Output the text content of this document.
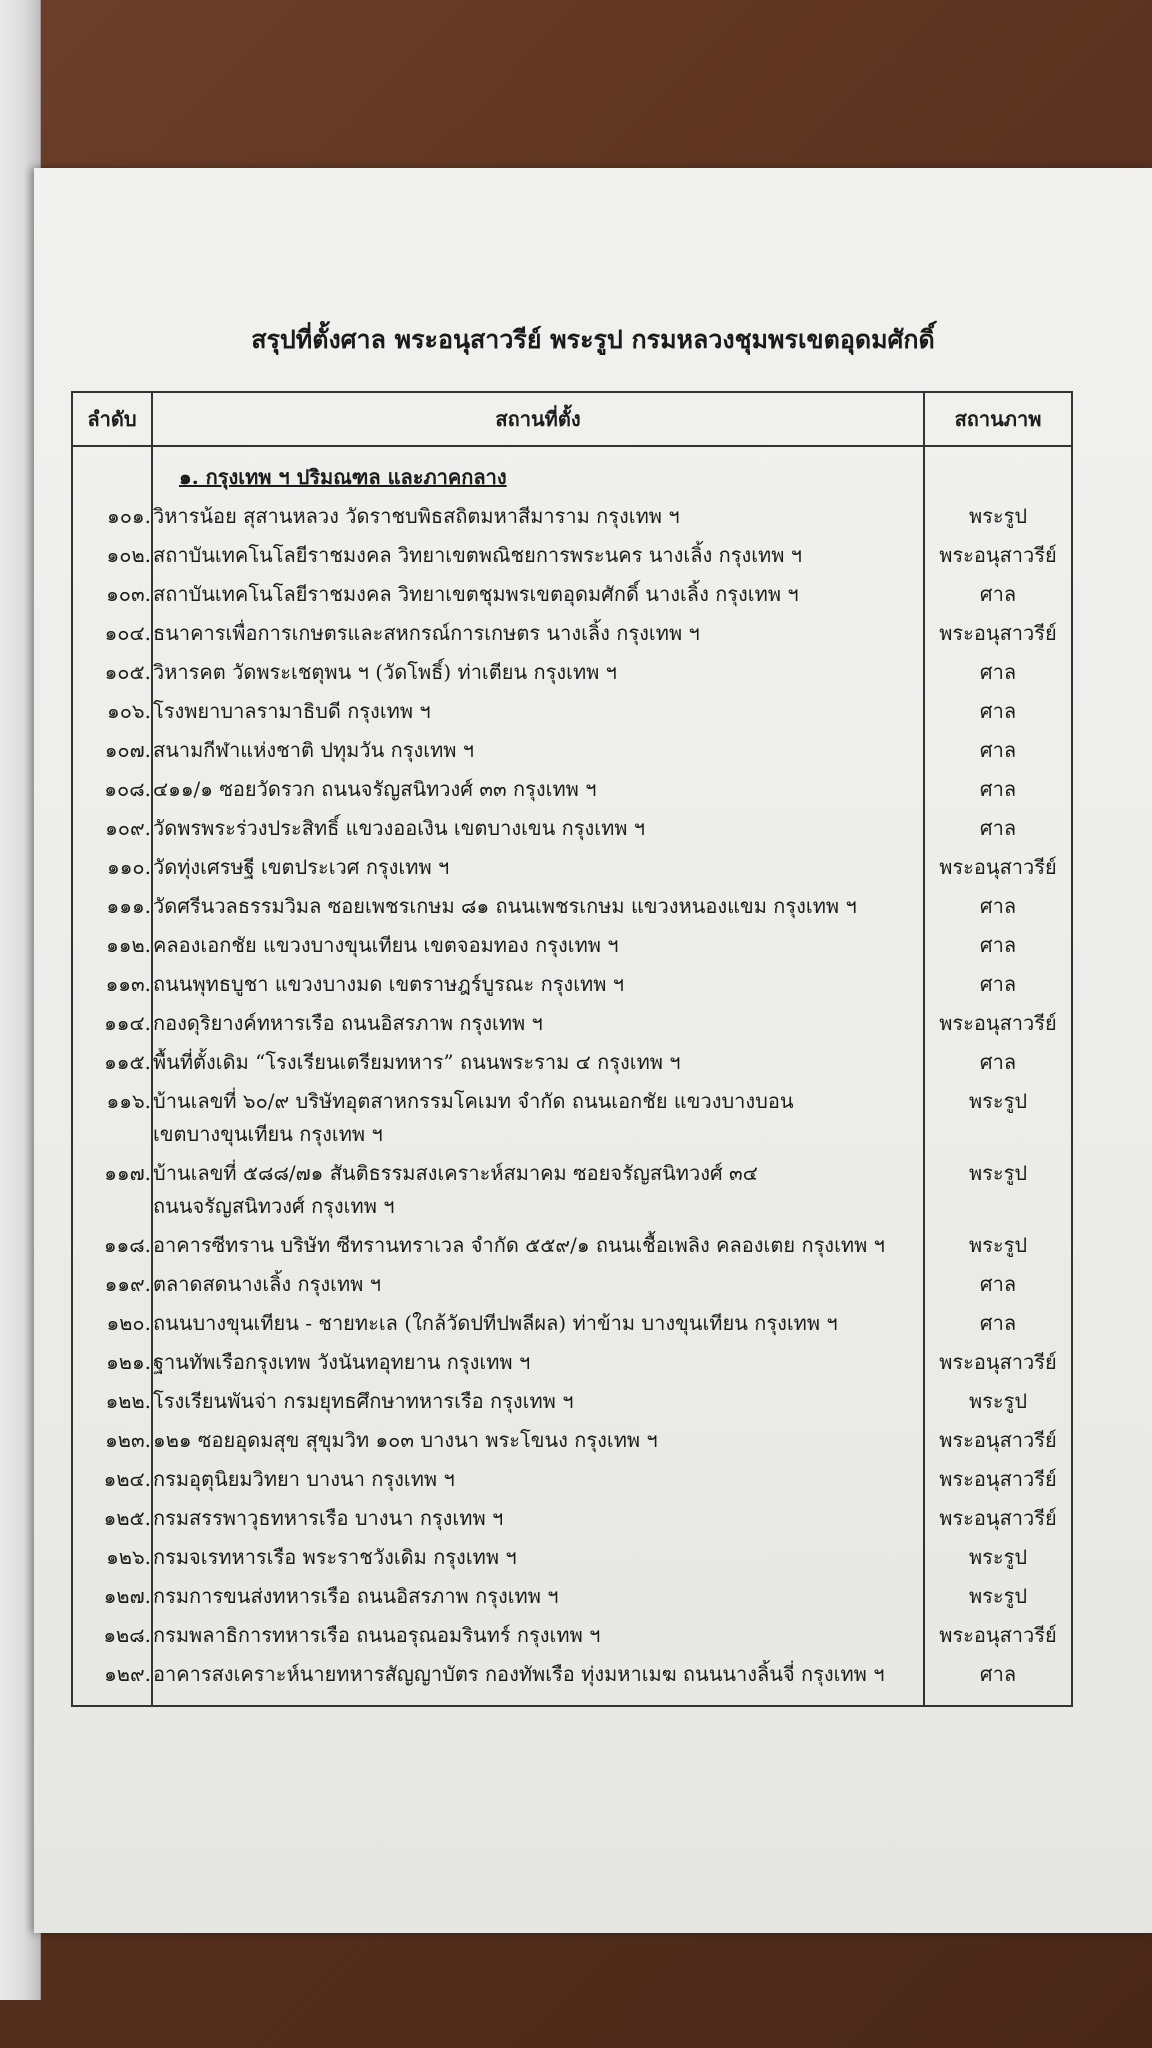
สรุปที่ตั้งศาล พระอนุสาวรีย์ พระรูป กรมหลวงชุมพรเขตอุดมศักดิ์
ลำดับ	สถานที่ตั้ง	สถานภาพ
	๑. กรุงเทพ ฯ ปริมณฑล และภาคกลาง	
๑๐๑.	วิหารน้อย สุสานหลวง วัดราชบพิธสถิตมหาสีมาราม กรุงเทพ ฯ	พระรูป
๑๐๒.	สถาบันเทคโนโลยีราชมงคล วิทยาเขตพณิชยการพระนคร นางเลิ้ง กรุงเทพ ฯ	พระอนุสาวรีย์
๑๐๓.	สถาบันเทคโนโลยีราชมงคล วิทยาเขตชุมพรเขตอุดมศักดิ์ นางเลิ้ง กรุงเทพ ฯ	ศาล
๑๐๔.	ธนาคารเพื่อการเกษตรและสหกรณ์การเกษตร นางเลิ้ง กรุงเทพ ฯ	พระอนุสาวรีย์
๑๐๕.	วิหารคต วัดพระเชตุพน ฯ (วัดโพธิ์) ท่าเตียน กรุงเทพ ฯ	ศาล
๑๐๖.	โรงพยาบาลรามาธิบดี กรุงเทพ ฯ	ศาล
๑๐๗.	สนามกีฬาแห่งชาติ ปทุมวัน กรุงเทพ ฯ	ศาล
๑๐๘.	๔๑๑/๑ ซอยวัดรวก ถนนจรัญสนิทวงศ์ ๓๓ กรุงเทพ ฯ	ศาล
๑๐๙.	วัดพรพระร่วงประสิทธิ์ แขวงออเงิน เขตบางเขน กรุงเทพ ฯ	ศาล
๑๑๐.	วัดทุ่งเศรษฐี เขตประเวศ กรุงเทพ ฯ	พระอนุสาวรีย์
๑๑๑.	วัดศรีนวลธรรมวิมล ซอยเพชรเกษม ๘๑ ถนนเพชรเกษม แขวงหนองแขม กรุงเทพ ฯ	ศาล
๑๑๒.	คลองเอกชัย แขวงบางขุนเทียน เขตจอมทอง กรุงเทพ ฯ	ศาล
๑๑๓.	ถนนพุทธบูชา แขวงบางมด เขตราษฎร์บูรณะ กรุงเทพ ฯ	ศาล
๑๑๔.	กองดุริยางค์ทหารเรือ ถนนอิสรภาพ กรุงเทพ ฯ	พระอนุสาวรีย์
๑๑๕.	พื้นที่ตั้งเดิม “โรงเรียนเตรียมทหาร” ถนนพระราม ๔ กรุงเทพ ฯ	ศาล
๑๑๖.	บ้านเลขที่ ๖๐/๙ บริษัทอุตสาหกรรมโคเมท จำกัด ถนนเอกชัย แขวงบางบอน
เขตบางขุนเทียน กรุงเทพ ฯ	พระรูป
๑๑๗.	บ้านเลขที่ ๕๘๘/๗๑ สันติธรรมสงเคราะห์สมาคม ซอยจรัญสนิทวงศ์ ๓๔
ถนนจรัญสนิทวงศ์ กรุงเทพ ฯ	พระรูป
๑๑๘.	อาคารซีทราน บริษัท ซีทรานทราเวล จำกัด ๕๕๙/๑ ถนนเชื้อเพลิง คลองเตย กรุงเทพ ฯ	พระรูป
๑๑๙.	ตลาดสดนางเลิ้ง กรุงเทพ ฯ	ศาล
๑๒๐.	ถนนบางขุนเทียน - ชายทะเล (ใกล้วัดปทีปพลีผล) ท่าข้าม บางขุนเทียน กรุงเทพ ฯ	ศาล
๑๒๑.	ฐานทัพเรือกรุงเทพ วังนันทอุทยาน กรุงเทพ ฯ	พระอนุสาวรีย์
๑๒๒.	โรงเรียนพันจ่า กรมยุทธศึกษาทหารเรือ กรุงเทพ ฯ	พระรูป
๑๒๓.	๑๒๑ ซอยอุดมสุข สุขุมวิท ๑๐๓ บางนา พระโขนง กรุงเทพ ฯ	พระอนุสาวรีย์
๑๒๔.	กรมอุตุนิยมวิทยา บางนา กรุงเทพ ฯ	พระอนุสาวรีย์
๑๒๕.	กรมสรรพาวุธทหารเรือ บางนา กรุงเทพ ฯ	พระอนุสาวรีย์
๑๒๖.	กรมจเรทหารเรือ พระราชวังเดิม กรุงเทพ ฯ	พระรูป
๑๒๗.	กรมการขนส่งทหารเรือ ถนนอิสรภาพ กรุงเทพ ฯ	พระรูป
๑๒๘.	กรมพลาธิการทหารเรือ ถนนอรุณอมรินทร์ กรุงเทพ ฯ	พระอนุสาวรีย์
๑๒๙.	อาคารสงเคราะห์นายทหารสัญญาบัตร กองทัพเรือ ทุ่งมหาเมฆ ถนนนางลิ้นจี่ กรุงเทพ ฯ	ศาล
